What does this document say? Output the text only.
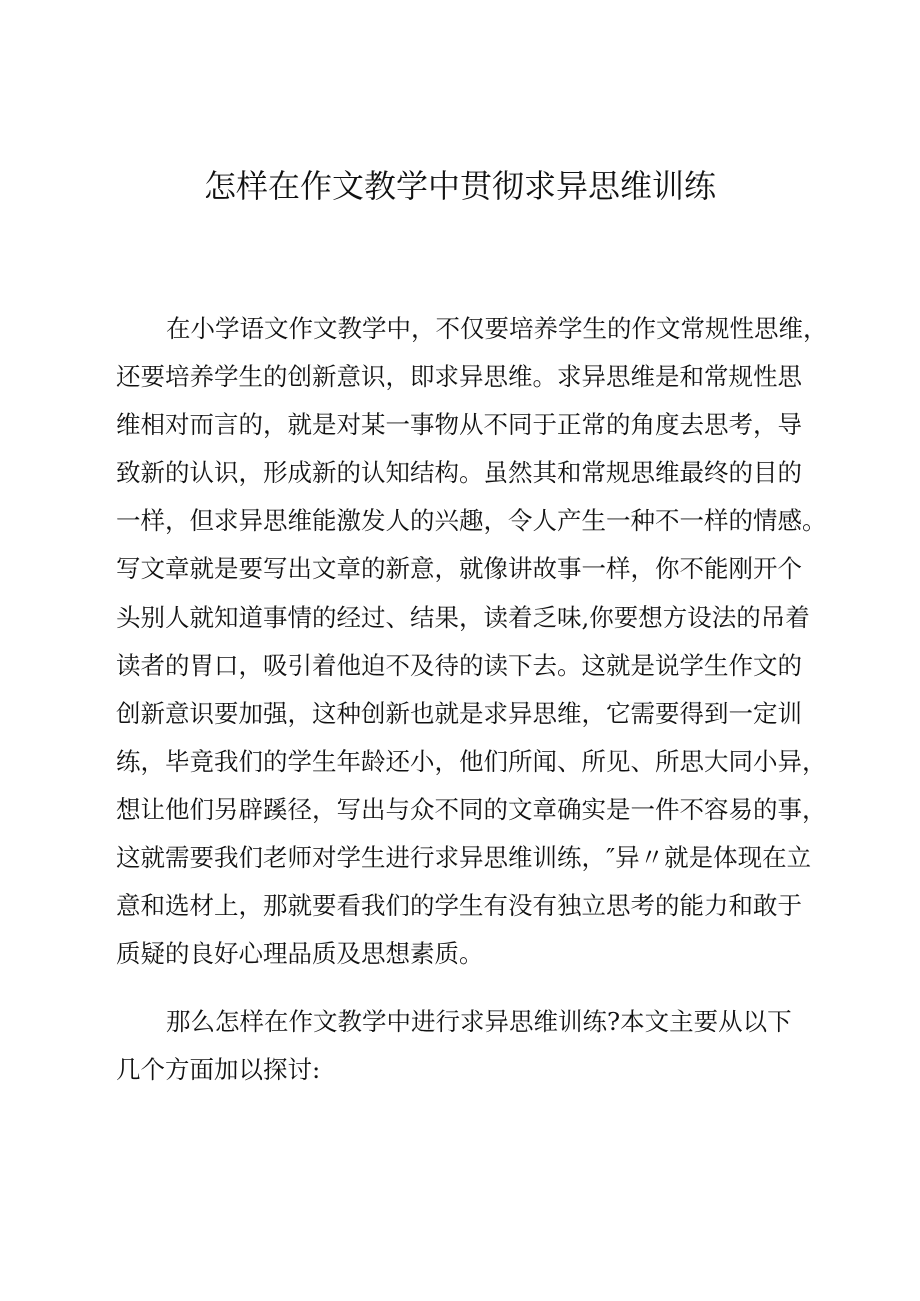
怎样在作文教学中贯彻求异思维训练
在小学语文作文教学中，不仅要培养学生的作文常规性思维，
还要培养学生的创新意识，即求异思维。求异思维是和常规性思
维相对而言的，就是对某一事物从不同于正常的角度去思考，导
致新的认识，形成新的认知结构。虽然其和常规思维最终的目的
一样，但求异思维能激发人的兴趣，令人产生一种不一样的情感。
写文章就是要写出文章的新意，就像讲故事一样，你不能刚开个
头别人就知道事情的经过、结果，读着乏味,你要想方设法的吊着
读者的胃口，吸引着他迫不及待的读下去。这就是说学生作文的
创新意识要加强，这种创新也就是求异思维，它需要得到一定训
练，毕竟我们的学生年龄还小，他们所闻、所见、所思大同小异，
想让他们另辟蹊径，写出与众不同的文章确实是一件不容易的事，
这就需要我们老师对学生进行求异思维训练，″异〃就是体现在立
意和选材上，那就要看我们的学生有没有独立思考的能力和敢于
质疑的良好心理品质及思想素质。
那么怎样在作文教学中进行求异思维训练?本文主要从以下
几个方面加以探讨:
